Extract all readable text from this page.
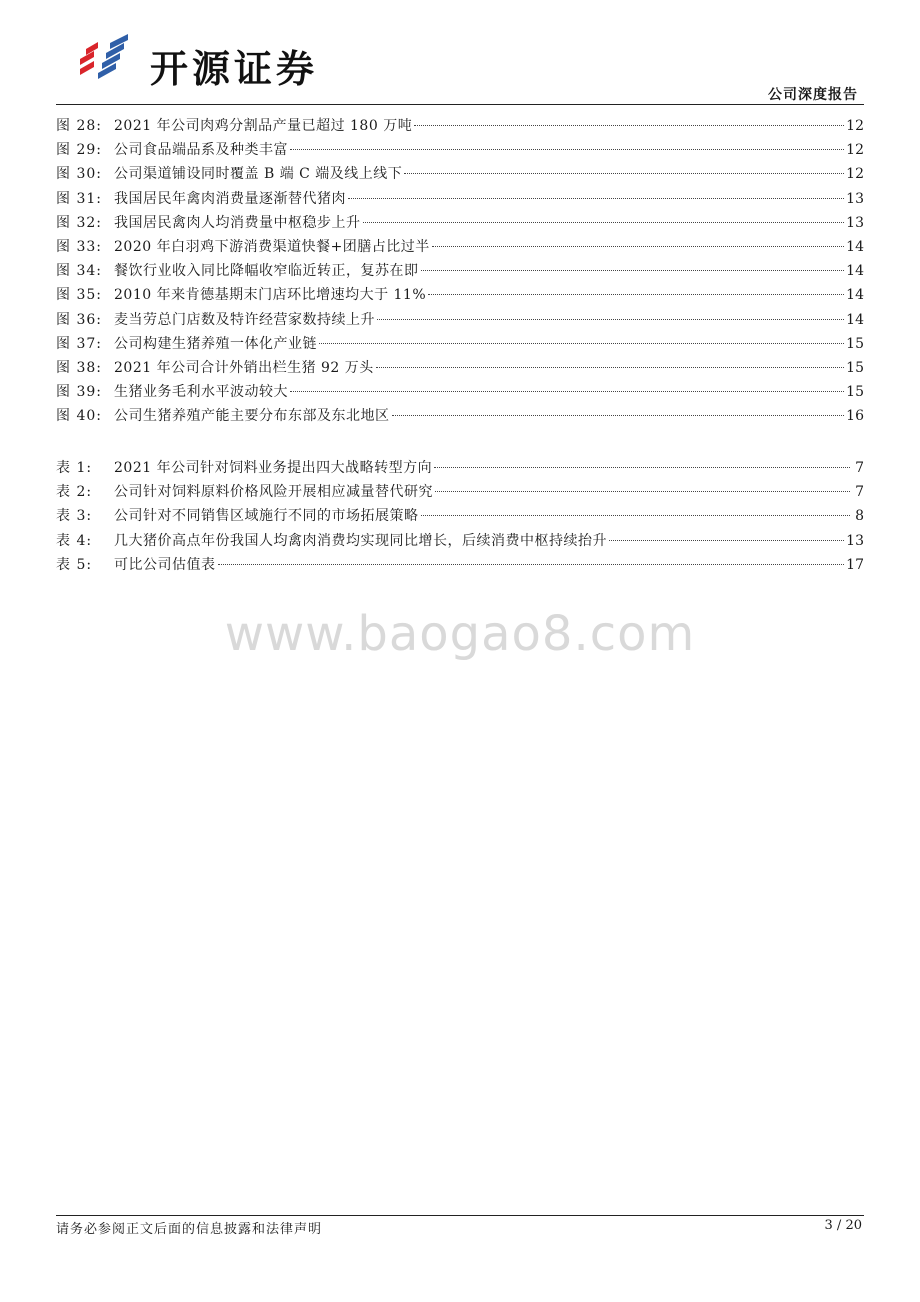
开源证券
公司深度报告
图 28: 2021 年公司肉鸡分割品产量已超过 180 万吨	12
图 29: 公司食品端品系及种类丰富	12
图 30: 公司渠道铺设同时覆盖 B 端 C 端及线上线下	12
图 31: 我国居民年禽肉消费量逐渐替代猪肉	13
图 32: 我国居民禽肉人均消费量中枢稳步上升	13
图 33: 2020 年白羽鸡下游消费渠道快餐+团膳占比过半	14
图 34: 餐饮行业收入同比降幅收窄临近转正，复苏在即	14
图 35: 2010 年来肯德基期末门店环比增速均大于 11%	14
图 36: 麦当劳总门店数及特许经营家数持续上升	14
图 37: 公司构建生猪养殖一体化产业链	15
图 38: 2021 年公司合计外销出栏生猪 92 万头	15
图 39: 生猪业务毛利水平波动较大	15
图 40: 公司生猪养殖产能主要分布东部及东北地区	16
表 1:	2021 年公司针对饲料业务提出四大战略转型方向	7
表 2:	公司针对饲料原料价格风险开展相应减量替代研究	7
表 3:	公司针对不同销售区域施行不同的市场拓展策略	8
表 4:	几大猪价高点年份我国人均禽肉消费均实现同比增长，后续消费中枢持续抬升	13
表 5:	可比公司估值表	17
www.baogao8.com
请务必参阅正文后面的信息披露和法律声明	3 / 20
